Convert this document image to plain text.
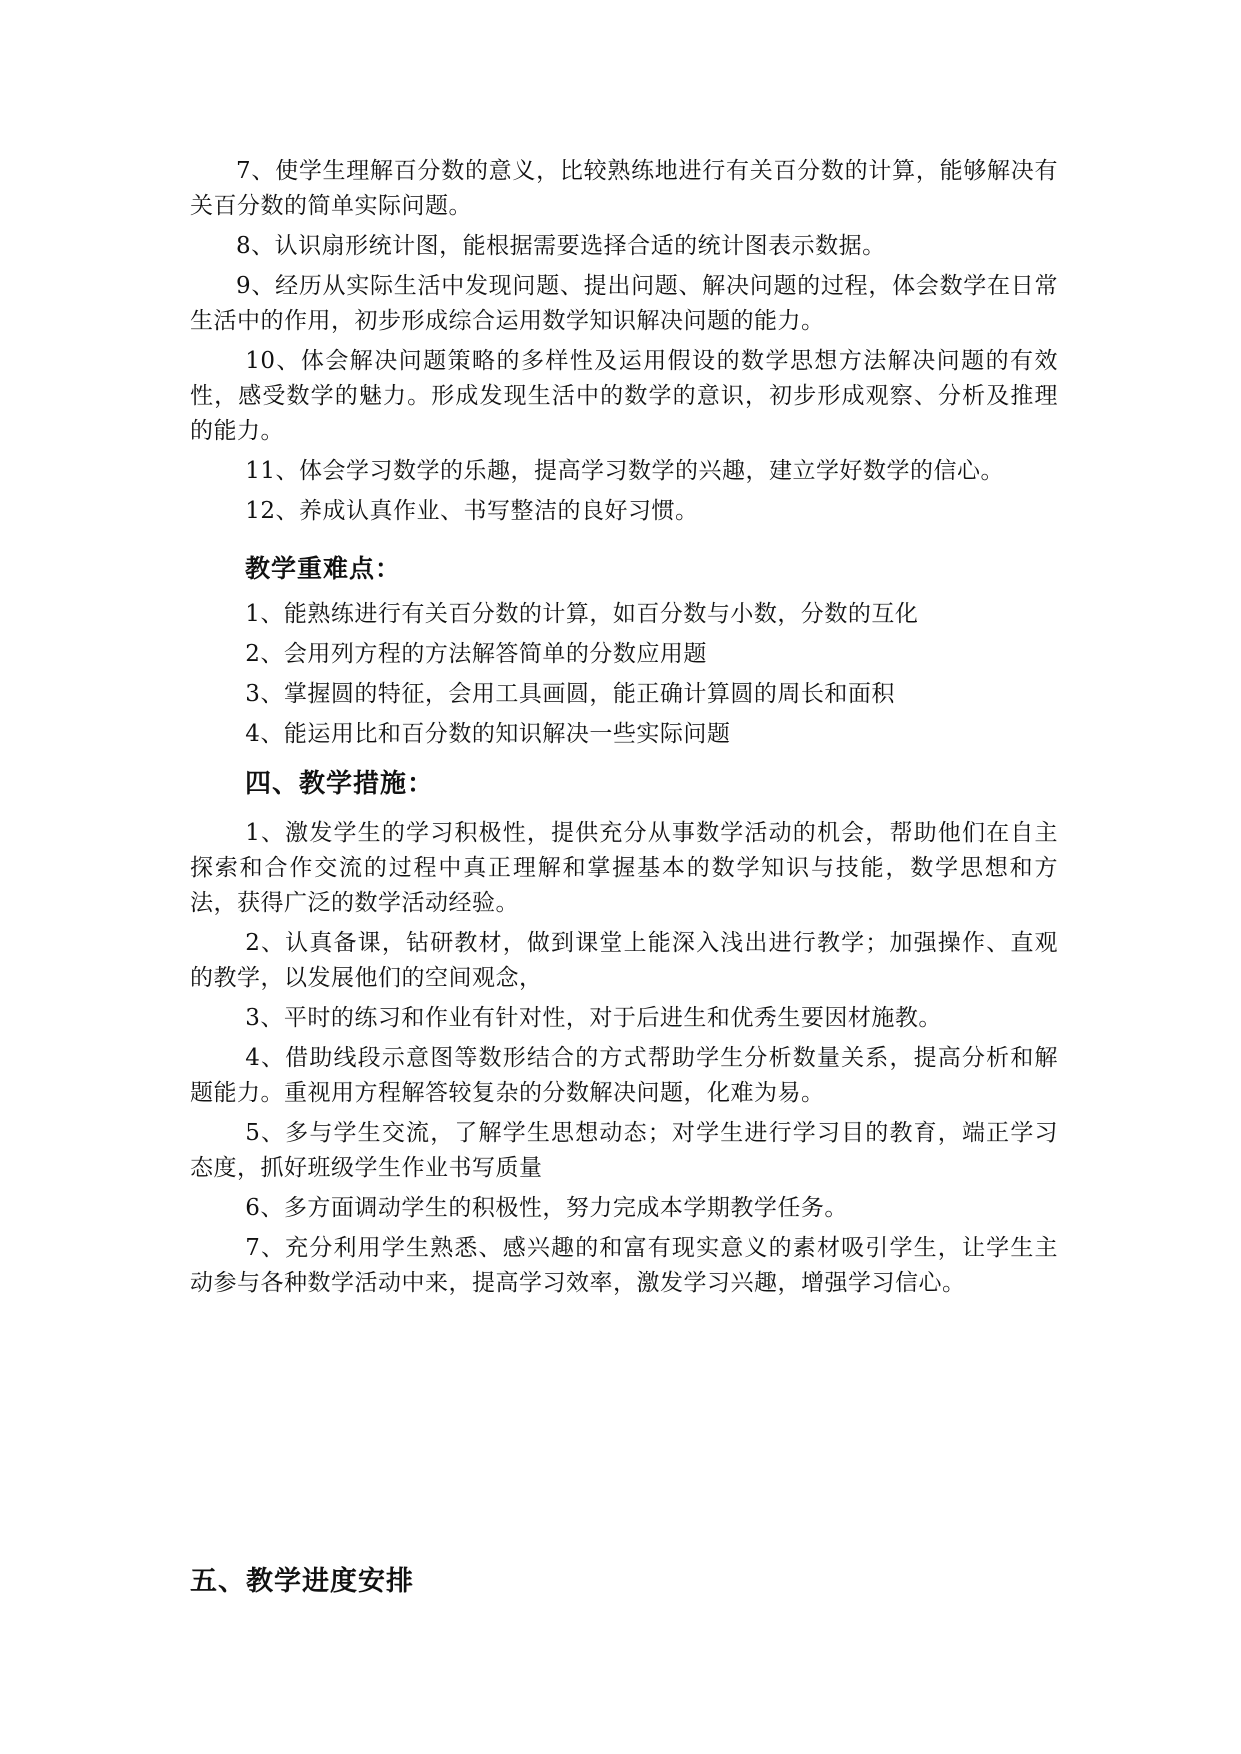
7、使学生理解百分数的意义，比较熟练地进行有关百分数的计算，能够解决有关百分数的简单实际问题。

8、认识扇形统计图，能根据需要选择合适的统计图表示数据。

9、经历从实际生活中发现问题、提出问题、解决问题的过程，体会数学在日常生活中的作用，初步形成综合运用数学知识解决问题的能力。

10、体会解决问题策略的多样性及运用假设的数学思想方法解决问题的有效性，感受数学的魅力。形成发现生活中的数学的意识，初步形成观察、分析及推理的能力。

11、体会学习数学的乐趣，提高学习数学的兴趣，建立学好数学的信心。

12、养成认真作业、书写整洁的良好习惯。

教学重难点：

1、能熟练进行有关百分数的计算，如百分数与小数，分数的互化

2、会用列方程的方法解答简单的分数应用题

3、掌握圆的特征，会用工具画圆，能正确计算圆的周长和面积

4、能运用比和百分数的知识解决一些实际问题

四、教学措施：

1、激发学生的学习积极性，提供充分从事数学活动的机会，帮助他们在自主探索和合作交流的过程中真正理解和掌握基本的数学知识与技能，数学思想和方法，获得广泛的数学活动经验。

2、认真备课，钻研教材，做到课堂上能深入浅出进行教学；加强操作、直观的教学，以发展他们的空间观念，

3、平时的练习和作业有针对性，对于后进生和优秀生要因材施教。

4、借助线段示意图等数形结合的方式帮助学生分析数量关系，提高分析和解题能力。重视用方程解答较复杂的分数解决问题，化难为易。

5、多与学生交流，了解学生思想动态；对学生进行学习目的教育，端正学习态度，抓好班级学生作业书写质量

6、多方面调动学生的积极性，努力完成本学期教学任务。

7、充分利用学生熟悉、感兴趣的和富有现实意义的素材吸引学生，让学生主动参与各种数学活动中来，提高学习效率，激发学习兴趣，增强学习信心。

五、教学进度安排
